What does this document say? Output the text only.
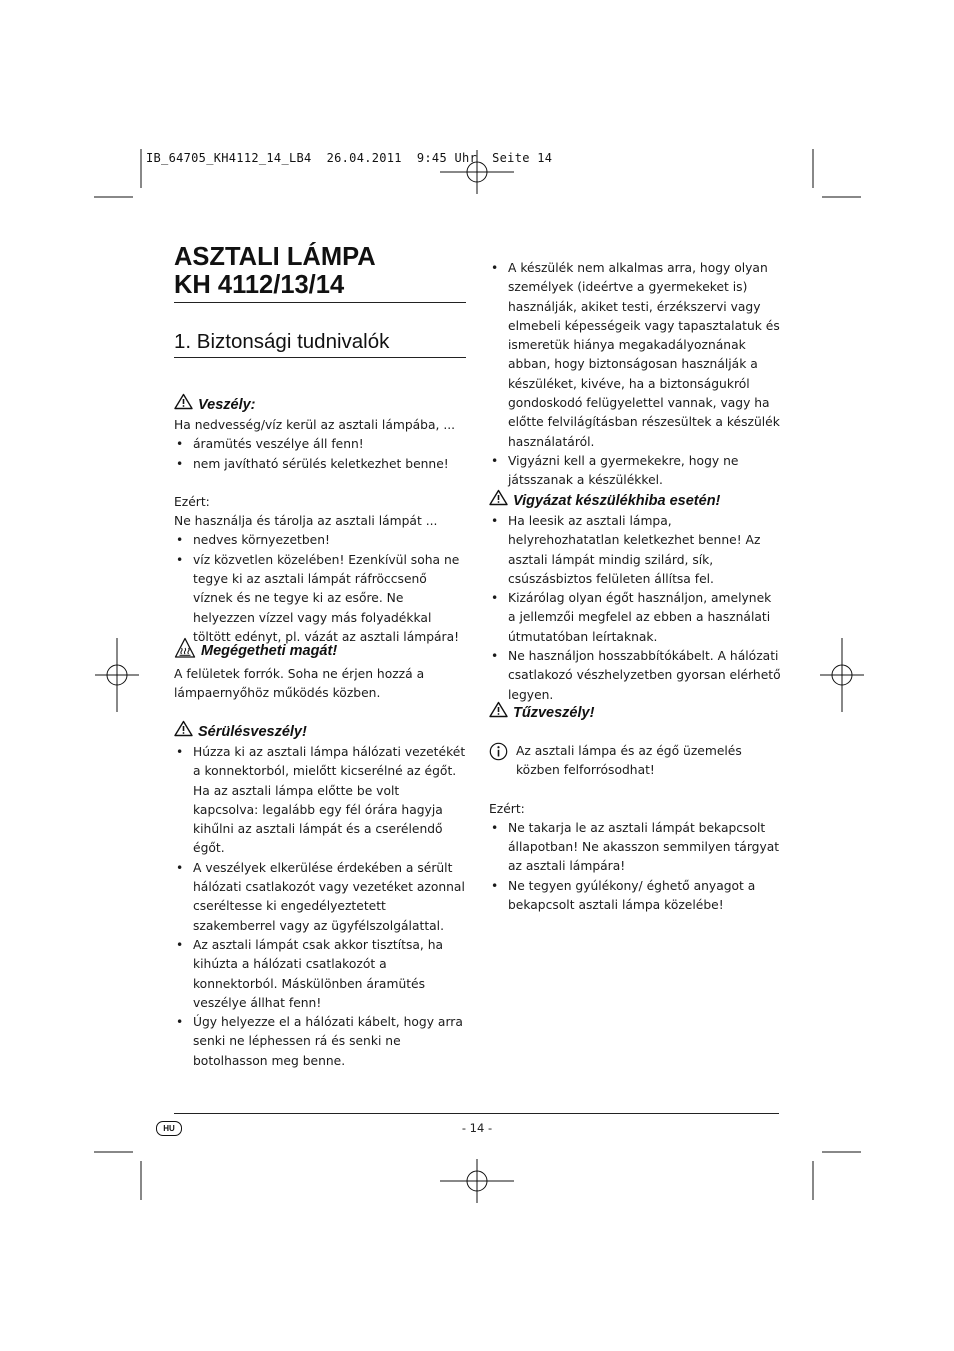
IB_64705_KH4112_14_LB4  26.04.2011  9:45 Uhr  Seite 14
ASZTALI LÁMPA
KH 4112/13/14
1. Biztonsági tudnivalók
Veszély:

Ha nedvesség/víz kerül az asztali lámpába, ...

• áramütés veszélye áll fenn!
• nem javítható sérülés keletkezhet benne!

Ezért:

Ne használja és tárolja az asztali lámpát ...

• nedves környezetben!
• víz közvetlen közelében! Ezenkívül soha ne tegye ki az asztali lámpát ráfröccsenő víznek és ne tegye ki az esőre. Ne helyezzen vízzel vagy más folyadékkal töltött edényt, pl. vázát az asztali lámpára!
Megégetheti magát!

A felületek forrók. Soha ne érjen hozzá a lámpaernyőhöz működés közben.

Sérülésveszély!
• Húzza ki az asztali lámpa hálózati vezetékét a konnektorból, mielőtt kicserélné az égőt. Ha az asztali lámpa előtte be volt kapcsolva: legalább egy fél órára hagyja kihűlni az asztali lámpát és a cserélendő égőt.
• A veszélyek elkerülése érdekében a sérült hálózati csatlakozót vagy vezetéket azonnal cseréltesse ki engedélyeztetett szakemberrel vagy az ügyfélszolgálattal.
• Az asztali lámpát csak akkor tisztítsa, ha kihúzta a hálózati csatlakozót a konnektorból. Máskülönben áramütés veszélye állhat fenn!
• Úgy helyezze el a hálózati kábelt, hogy arra senki ne léphessen rá és senki ne botolhasson meg benne.
• A készülék nem alkalmas arra, hogy olyan személyek (ideértve a gyermekeket is) használják, akiket testi, érzékszervi vagy elmebeli képességeik vagy tapasztalatuk és ismeretük hiánya megakadályoznának abban, hogy biztonságosan használják a készüléket, kivéve, ha a biztonságukról gondoskodó felügyelettel vannak, vagy ha előtte felvilágításban részesültek a készülék használatáról.
• Vigyázni kell a gyermekekre, hogy ne játsszanak a készülékkel.
Vigyázat készülékhiba esetén!
• Ha leesik az asztali lámpa, helyrehozhatatlan keletkezhet benne! Az asztali lámpát mindig szilárd, sík, csúszásbiztos felületen állítsa fel.
• Kizárólag olyan égőt használjon, amelynek a jellemzői megfelel az ebben a használati útmutatóban leírtaknak.
• Ne használjon hosszabbítókábelt. A hálózati csatlakozó vészhelyzetben gyorsan elérhető legyen.
Tűzveszély!

Az asztali lámpa és az égő üzemelés közben felforrósodhat!

Ezért:

• Ne takarja le az asztali lámpát bekapcsolt állapotban! Ne akasszon semmilyen tárgyat az asztali lámpára!
• Ne tegyen gyúlékony/ éghető anyagot a bekapcsolt asztali lámpa közelébe!
HU	- 14 -
